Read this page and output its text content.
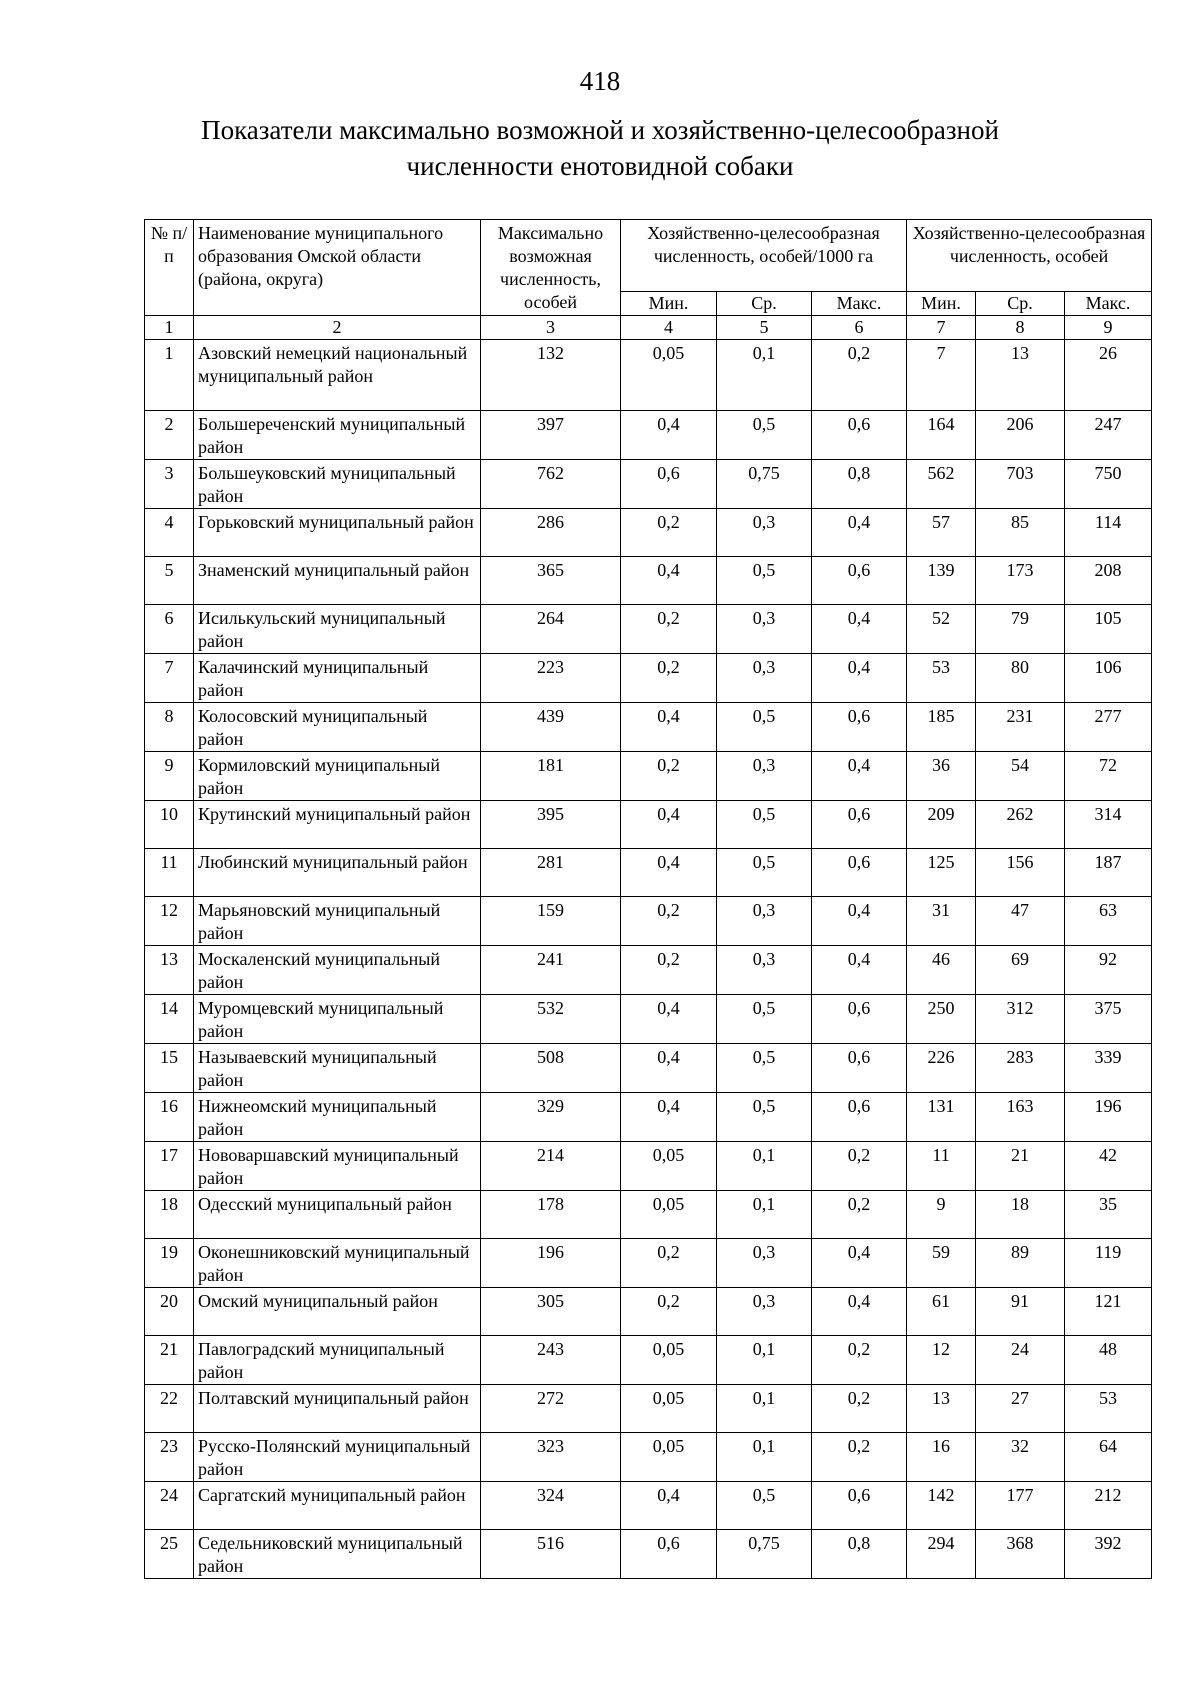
418
Показатели максимально возможной и хозяйственно-целесообразной
численности енотовидной собаки
№ п/п	Наименование муниципального образования Омской области (района, округа)	Максимально возможная численность, особей	Хозяйственно-целесообразная численность, особей/1000 га			Хозяйственно-целесообразная численность, особей		
			Мин.	Ср.	Макс.	Мин.	Ср.	Макс.
1	2	3	4	5	6	7	8	9
1	Азовский немецкий национальный муниципальный район	132	0,05	0,1	0,2	7	13	26
2	Большереченский муниципальный район	397	0,4	0,5	0,6	164	206	247
3	Большеуковский муниципальный район	762	0,6	0,75	0,8	562	703	750
4	Горьковский муниципальный район	286	0,2	0,3	0,4	57	85	114
5	Знаменский муниципальный район	365	0,4	0,5	0,6	139	173	208
6	Исилькульский муниципальный район	264	0,2	0,3	0,4	52	79	105
7	Калачинский муниципальный район	223	0,2	0,3	0,4	53	80	106
8	Колосовский муниципальный район	439	0,4	0,5	0,6	185	231	277
9	Кормиловский муниципальный район	181	0,2	0,3	0,4	36	54	72
10	Крутинский муниципальный район	395	0,4	0,5	0,6	209	262	314
11	Любинский муниципальный район	281	0,4	0,5	0,6	125	156	187
12	Марьяновский муниципальный район	159	0,2	0,3	0,4	31	47	63
13	Москаленский муниципальный район	241	0,2	0,3	0,4	46	69	92
14	Муромцевский муниципальный район	532	0,4	0,5	0,6	250	312	375
15	Называевский муниципальный район	508	0,4	0,5	0,6	226	283	339
16	Нижнеомский муниципальный район	329	0,4	0,5	0,6	131	163	196
17	Нововаршавский муниципальный район	214	0,05	0,1	0,2	11	21	42
18	Одесский муниципальный район	178	0,05	0,1	0,2	9	18	35
19	Оконешниковский муниципальный район	196	0,2	0,3	0,4	59	89	119
20	Омский муниципальный район	305	0,2	0,3	0,4	61	91	121
21	Павлоградский муниципальный район	243	0,05	0,1	0,2	12	24	48
22	Полтавский муниципальный район	272	0,05	0,1	0,2	13	27	53
23	Русско-Полянский муниципальный район	323	0,05	0,1	0,2	16	32	64
24	Саргатский муниципальный район	324	0,4	0,5	0,6	142	177	212
25	Седельниковский муниципальный район	516	0,6	0,75	0,8	294	368	392
